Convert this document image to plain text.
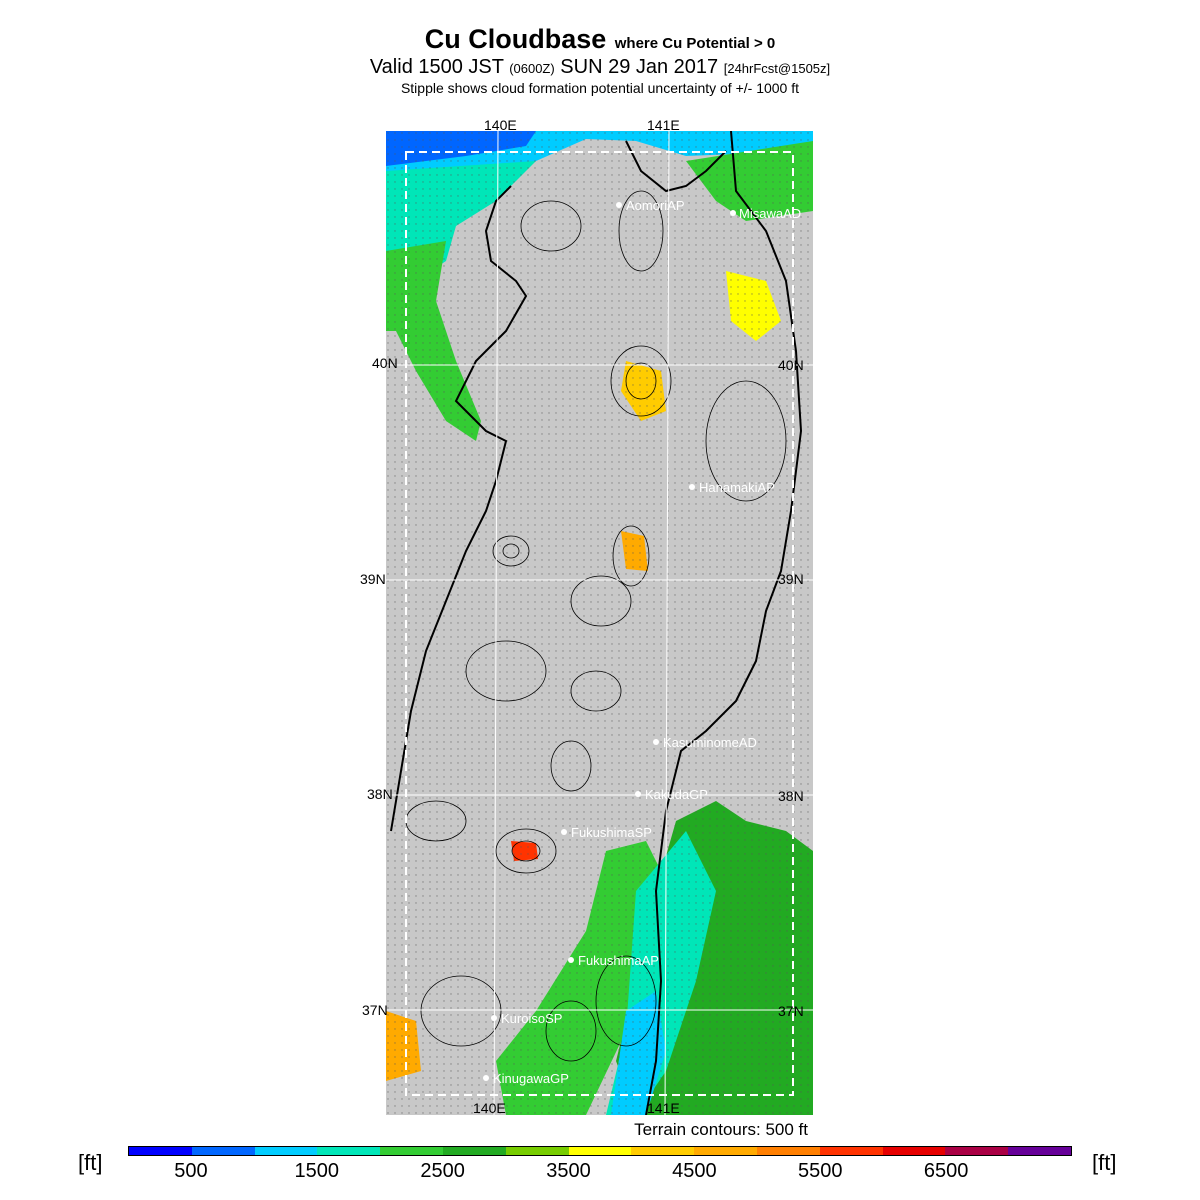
Cu Cloudbase where Cu Potential > 0
Valid 1500 JST (0600Z) SUN 29 Jan 2017 [24hrFcst@1505z]
Stipple shows cloud formation potential uncertainty of +/- 1000 ft
AomoriAP
MisawaAD
HanamakiAP
KasuminomeAD
KakudaGP
FukushimaSP
FukushimaAP
KuroisoSP
KinugawaGP
140E	141E
140E	141E
40N	40N
39N	39N
38N	38N
37N	37N
Terrain contours: 500 ft
[ft]	[ft]
500	1500	2500	3500	4500	5500	6500
